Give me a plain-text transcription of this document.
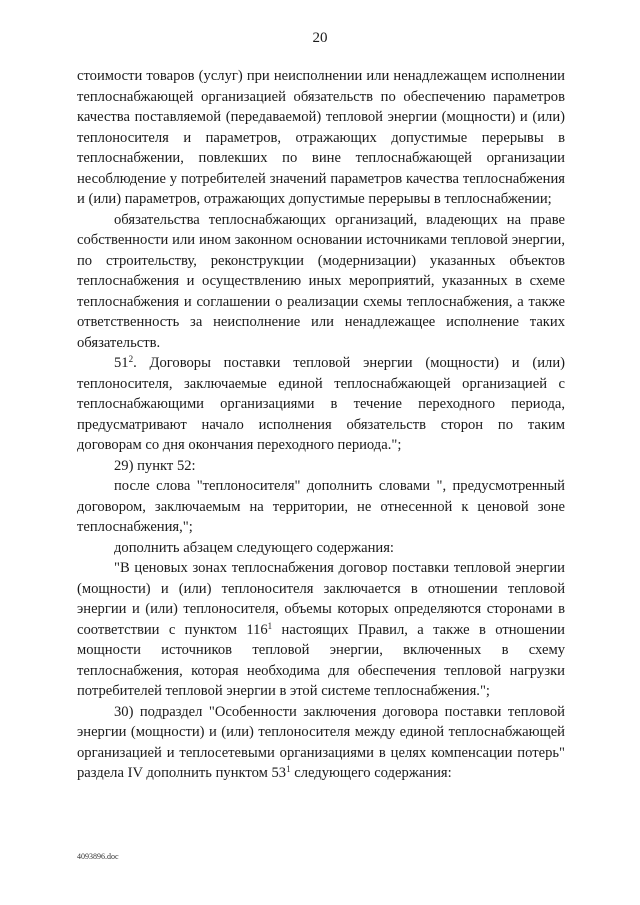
20

стоимости товаров (услуг) при неисполнении или ненадлежащем исполнении теплоснабжающей организацией обязательств по обеспечению параметров качества поставляемой (передаваемой) тепловой энергии (мощности) и (или) теплоносителя и параметров, отражающих допустимые перерывы в теплоснабжении, повлекших по вине теплоснабжающей организации несоблюдение у потребителей значений параметров качества теплоснабжения и (или) параметров, отражающих допустимые перерывы в теплоснабжении;

обязательства теплоснабжающих организаций, владеющих на праве собственности или ином законном основании источниками тепловой энергии, по строительству, реконструкции (модернизации) указанных объектов теплоснабжения и осуществлению иных мероприятий, указанных в схеме теплоснабжения и соглашении о реализации схемы теплоснабжения, а также ответственность за неисполнение или ненадлежащее исполнение таких обязательств.

$51^2$. Договоры поставки тепловой энергии (мощности) и (или) теплоносителя, заключаемые единой теплоснабжающей организацией с теплоснабжающими организациями в течение переходного периода, предусматривают начало исполнения обязательств сторон по таким договорам со дня окончания переходного периода.";

29) пункт 52:

после слова "теплоносителя" дополнить словами ", предусмотренный договором, заключаемым на территории, не отнесенной к ценовой зоне теплоснабжения,";

дополнить абзацем следующего содержания:

"В ценовых зонах теплоснабжения договор поставки тепловой энергии (мощности) и (или) теплоносителя заключается в отношении тепловой энергии и (или) теплоносителя, объемы которых определяются сторонами в соответствии с пунктом $116^1$ настоящих Правил, а также в отношении мощности источников тепловой энергии, включенных в схему теплоснабжения, которая необходима для обеспечения тепловой нагрузки потребителей тепловой энергии в этой системе теплоснабжения.";

30) подраздел "Особенности заключения договора поставки тепловой энергии (мощности) и (или) теплоносителя между единой теплоснабжающей организацией и теплосетевыми организациями в целях компенсации потерь" раздела IV дополнить пунктом $53^1$ следующего содержания:

4093896.doc
